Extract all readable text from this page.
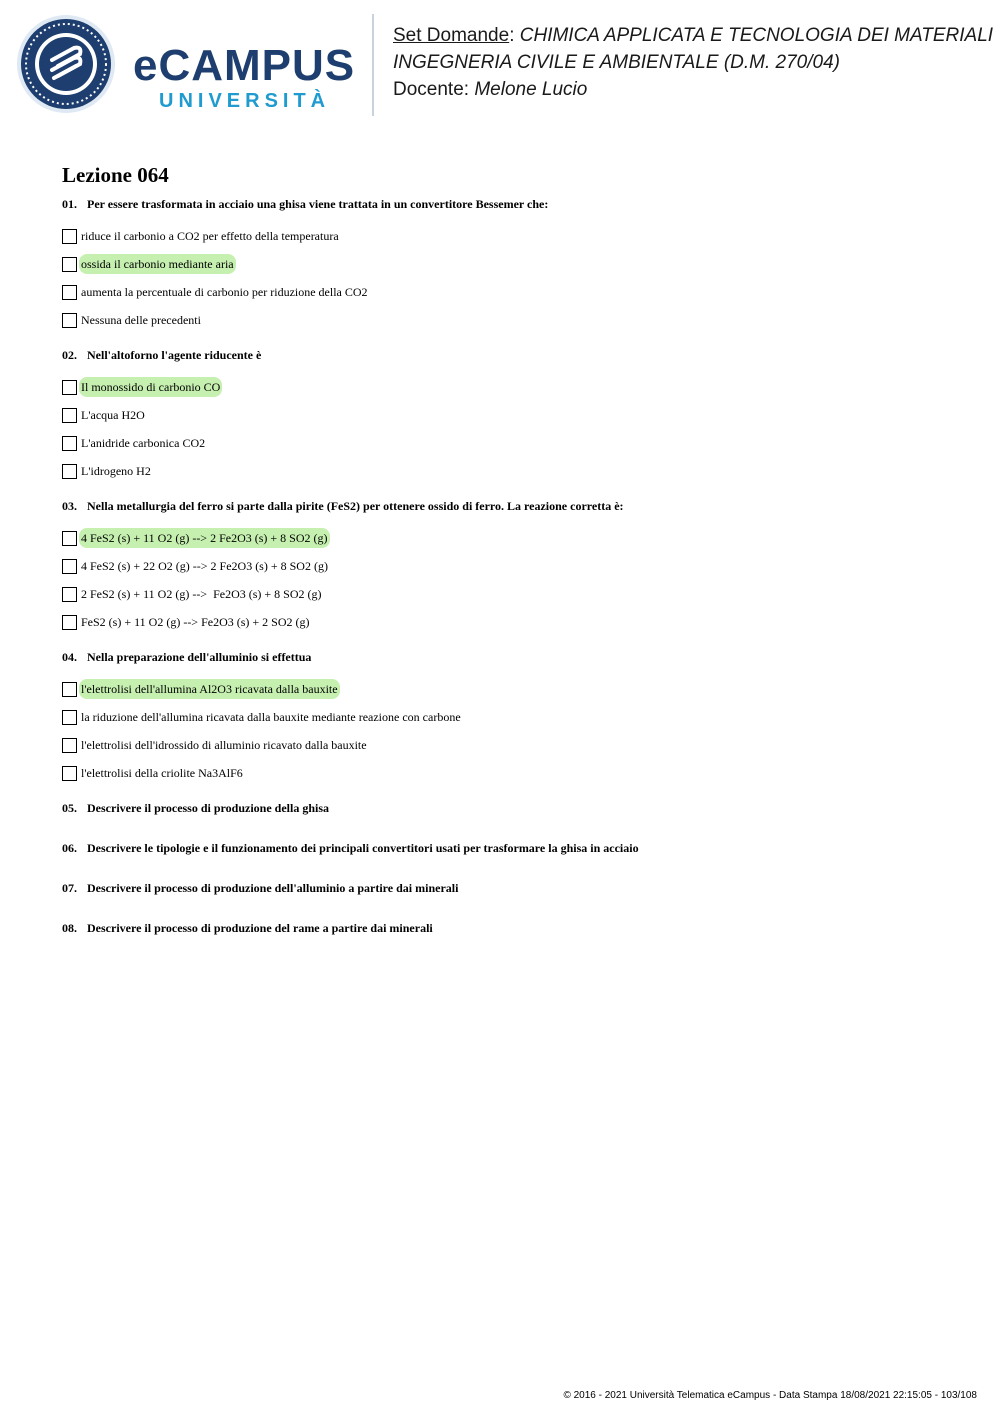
eCAMPUS
UNIVERSITÀ
Set Domande: CHIMICA APPLICATA E TECNOLOGIA DEI MATERIALI
INGEGNERIA CIVILE E AMBIENTALE (D.M. 270/04)
Docente: Melone Lucio
Lezione 064
01. Per essere trasformata in acciaio una ghisa viene trattata in un convertitore Bessemer che:
riduce il carbonio a CO2 per effetto della temperatura
ossida il carbonio mediante aria
aumenta la percentuale di carbonio per riduzione della CO2
Nessuna delle precedenti
02. Nell'altoforno l'agente riducente è
Il monossido di carbonio CO
L'acqua H2O
L'anidride carbonica CO2
L'idrogeno H2
03. Nella metallurgia del ferro si parte dalla pirite (FeS2) per ottenere ossido di ferro. La reazione corretta è:
4 FeS2 (s) + 11 O2 (g) --> 2 Fe2O3 (s) + 8 SO2 (g)
4 FeS2 (s) + 22 O2 (g) --> 2 Fe2O3 (s) + 8 SO2 (g)
2 FeS2 (s) + 11 O2 (g) -->  Fe2O3 (s) + 8 SO2 (g)
FeS2 (s) + 11 O2 (g) --> Fe2O3 (s) + 2 SO2 (g)
04. Nella preparazione dell'alluminio si effettua
l'elettrolisi dell'allumina Al2O3 ricavata dalla bauxite
la riduzione dell'allumina ricavata dalla bauxite mediante reazione con carbone
l'elettrolisi dell'idrossido di alluminio ricavato dalla bauxite
l'elettrolisi della criolite Na3AlF6
05. Descrivere il processo di produzione della ghisa
06. Descrivere le tipologie e il funzionamento dei principali convertitori usati per trasformare la ghisa in acciaio
07. Descrivere il processo di produzione dell'alluminio a partire dai minerali
08. Descrivere il processo di produzione del rame a partire dai minerali
© 2016 - 2021 Università Telematica eCampus - Data Stampa 18/08/2021 22:15:05 - 103/108
